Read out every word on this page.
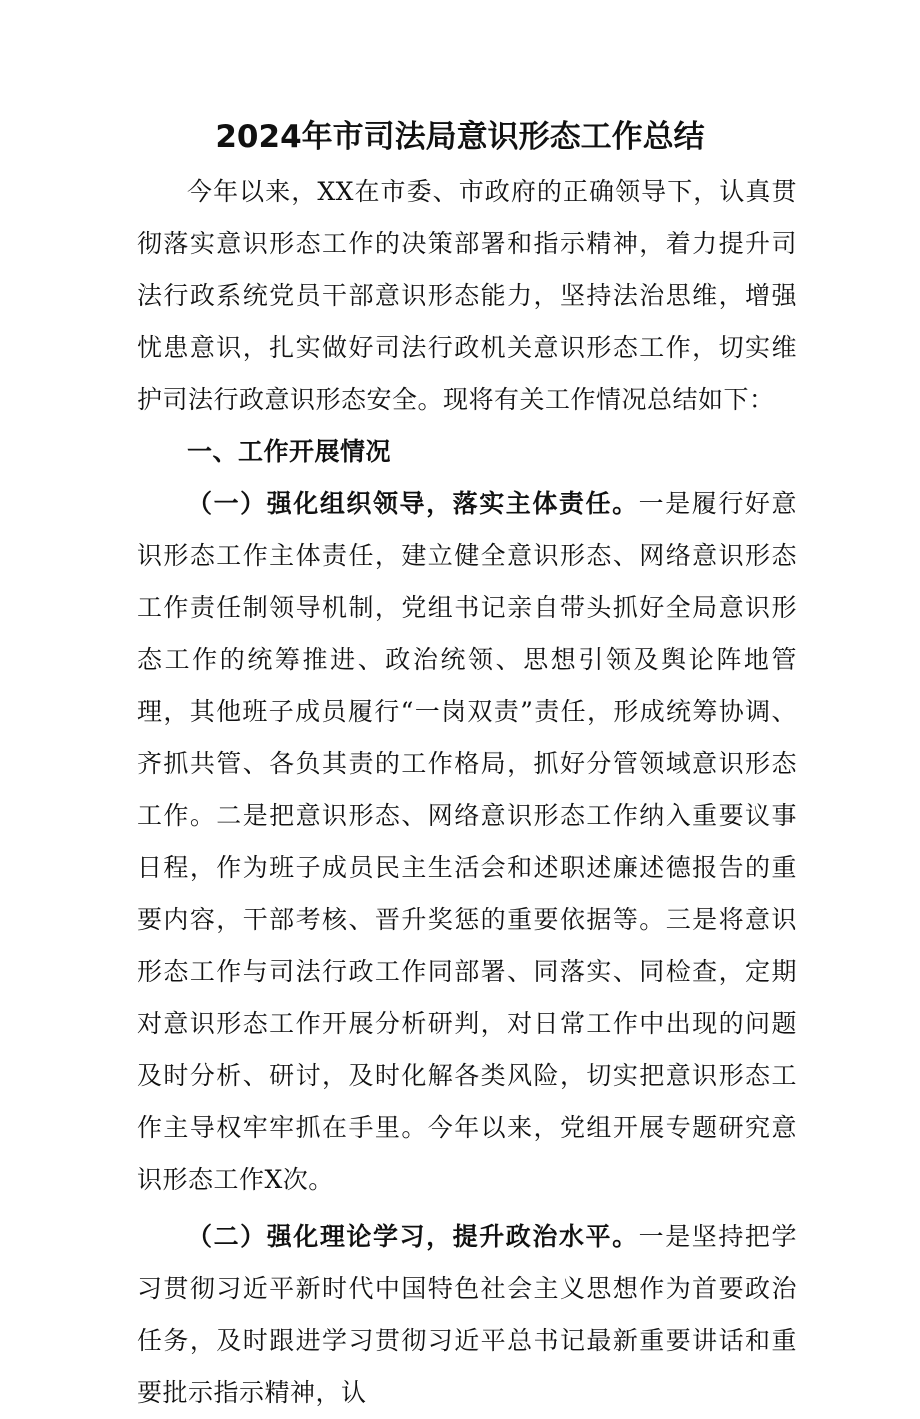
2024年市司法局意识形态工作总结

今年以来，XX在市委、市政府的正确领导下，认真贯彻落实意识形态工作的决策部署和指示精神，着力提升司法行政系统党员干部意识形态能力，坚持法治思维，增强忧患意识，扎实做好司法行政机关意识形态工作，切实维护司法行政意识形态安全。现将有关工作情况总结如下：

一、工作开展情况

（一）强化组织领导，落实主体责任。一是履行好意识形态工作主体责任，建立健全意识形态、网络意识形态工作责任制领导机制，党组书记亲自带头抓好全局意识形态工作的统筹推进、政治统领、思想引领及舆论阵地管理，其他班子成员履行“一岗双责”责任，形成统筹协调、齐抓共管、各负其责的工作格局，抓好分管领域意识形态工作。二是把意识形态、网络意识形态工作纳入重要议事日程，作为班子成员民主生活会和述职述廉述德报告的重要内容，干部考核、晋升奖惩的重要依据等。三是将意识形态工作与司法行政工作同部署、同落实、同检查，定期对意识形态工作开展分析研判，对日常工作中出现的问题及时分析、研讨，及时化解各类风险，切实把意识形态工作主导权牢牢抓在手里。今年以来，党组开展专题研究意识形态工作X次。

（二）强化理论学习，提升政治水平。一是坚持把学习贯彻习近平新时代中国特色社会主义思想作为首要政治任务，及时跟进学习贯彻习近平总书记最新重要讲话和重要批示指示精神，认
